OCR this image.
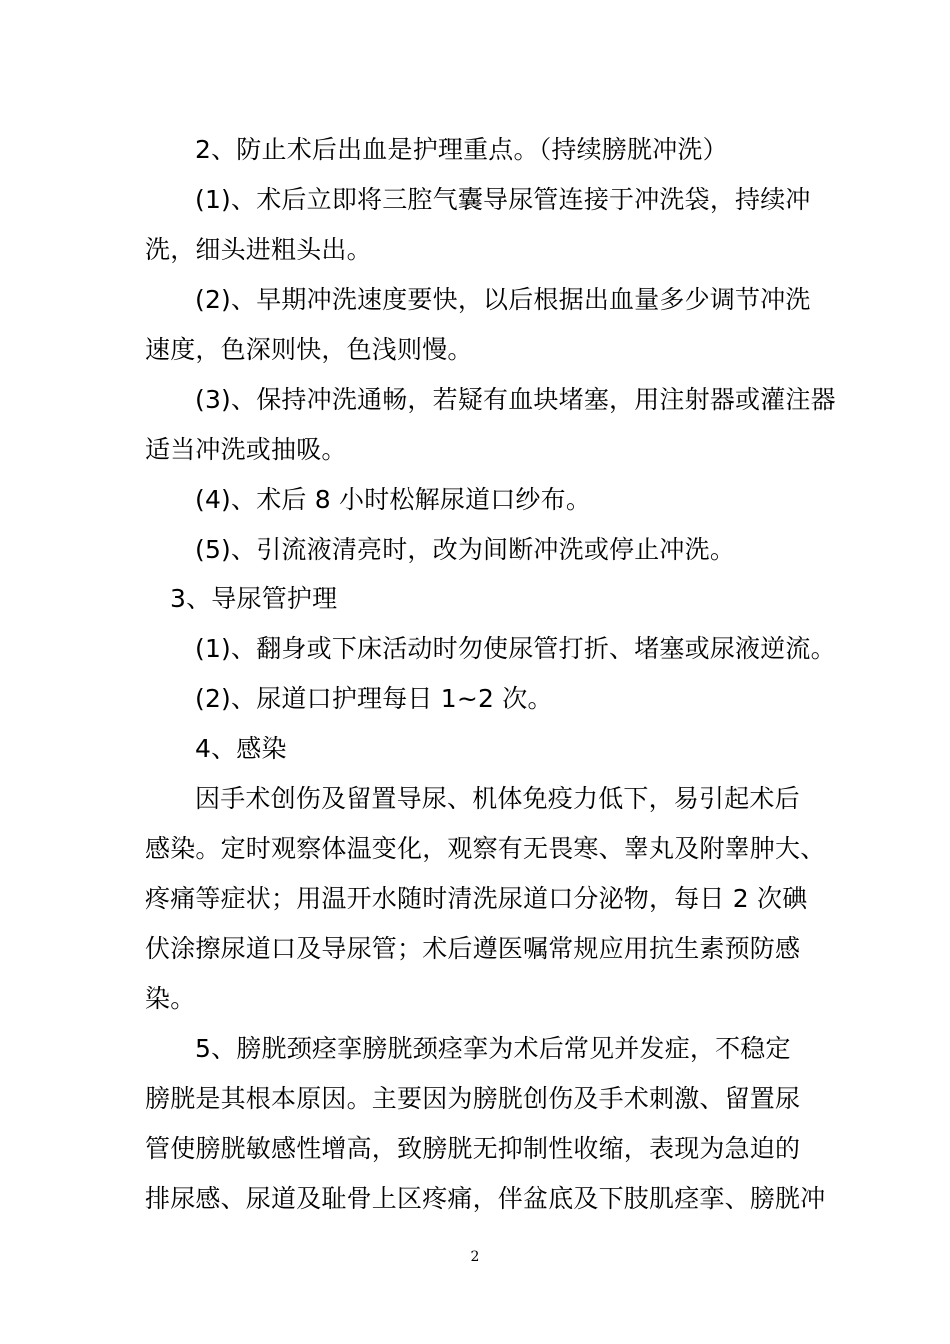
2、防止术后出血是护理重点。（持续膀胱冲洗）
(1)、术后立即将三腔气囊导尿管连接于冲洗袋，持续冲
洗，细头进粗头出。
(2)、早期冲洗速度要快，以后根据出血量多少调节冲洗
速度，色深则快，色浅则慢。
(3)、保持冲洗通畅，若疑有血块堵塞，用注射器或灌注器
适当冲洗或抽吸。
(4)、术后 8 小时松解尿道口纱布。
(5)、引流液清亮时，改为间断冲洗或停止冲洗。
3、导尿管护理
(1)、翻身或下床活动时勿使尿管打折、堵塞或尿液逆流。
(2)、尿道口护理每日 1~2 次。
4、感染
因手术创伤及留置导尿、机体免疫力低下，易引起术后
感染。定时观察体温变化，观察有无畏寒、睾丸及附睾肿大、
疼痛等症状；用温开水随时清洗尿道口分泌物，每日 2 次碘
伏涂擦尿道口及导尿管；术后遵医嘱常规应用抗生素预防感
染。
5、膀胱颈痉挛膀胱颈痉挛为术后常见并发症，不稳定
膀胱是其根本原因。主要因为膀胱创伤及手术刺激、留置尿
管使膀胱敏感性增高，致膀胱无抑制性收缩，表现为急迫的
排尿感、尿道及耻骨上区疼痛，伴盆底及下肢肌痉挛、膀胱冲
2
